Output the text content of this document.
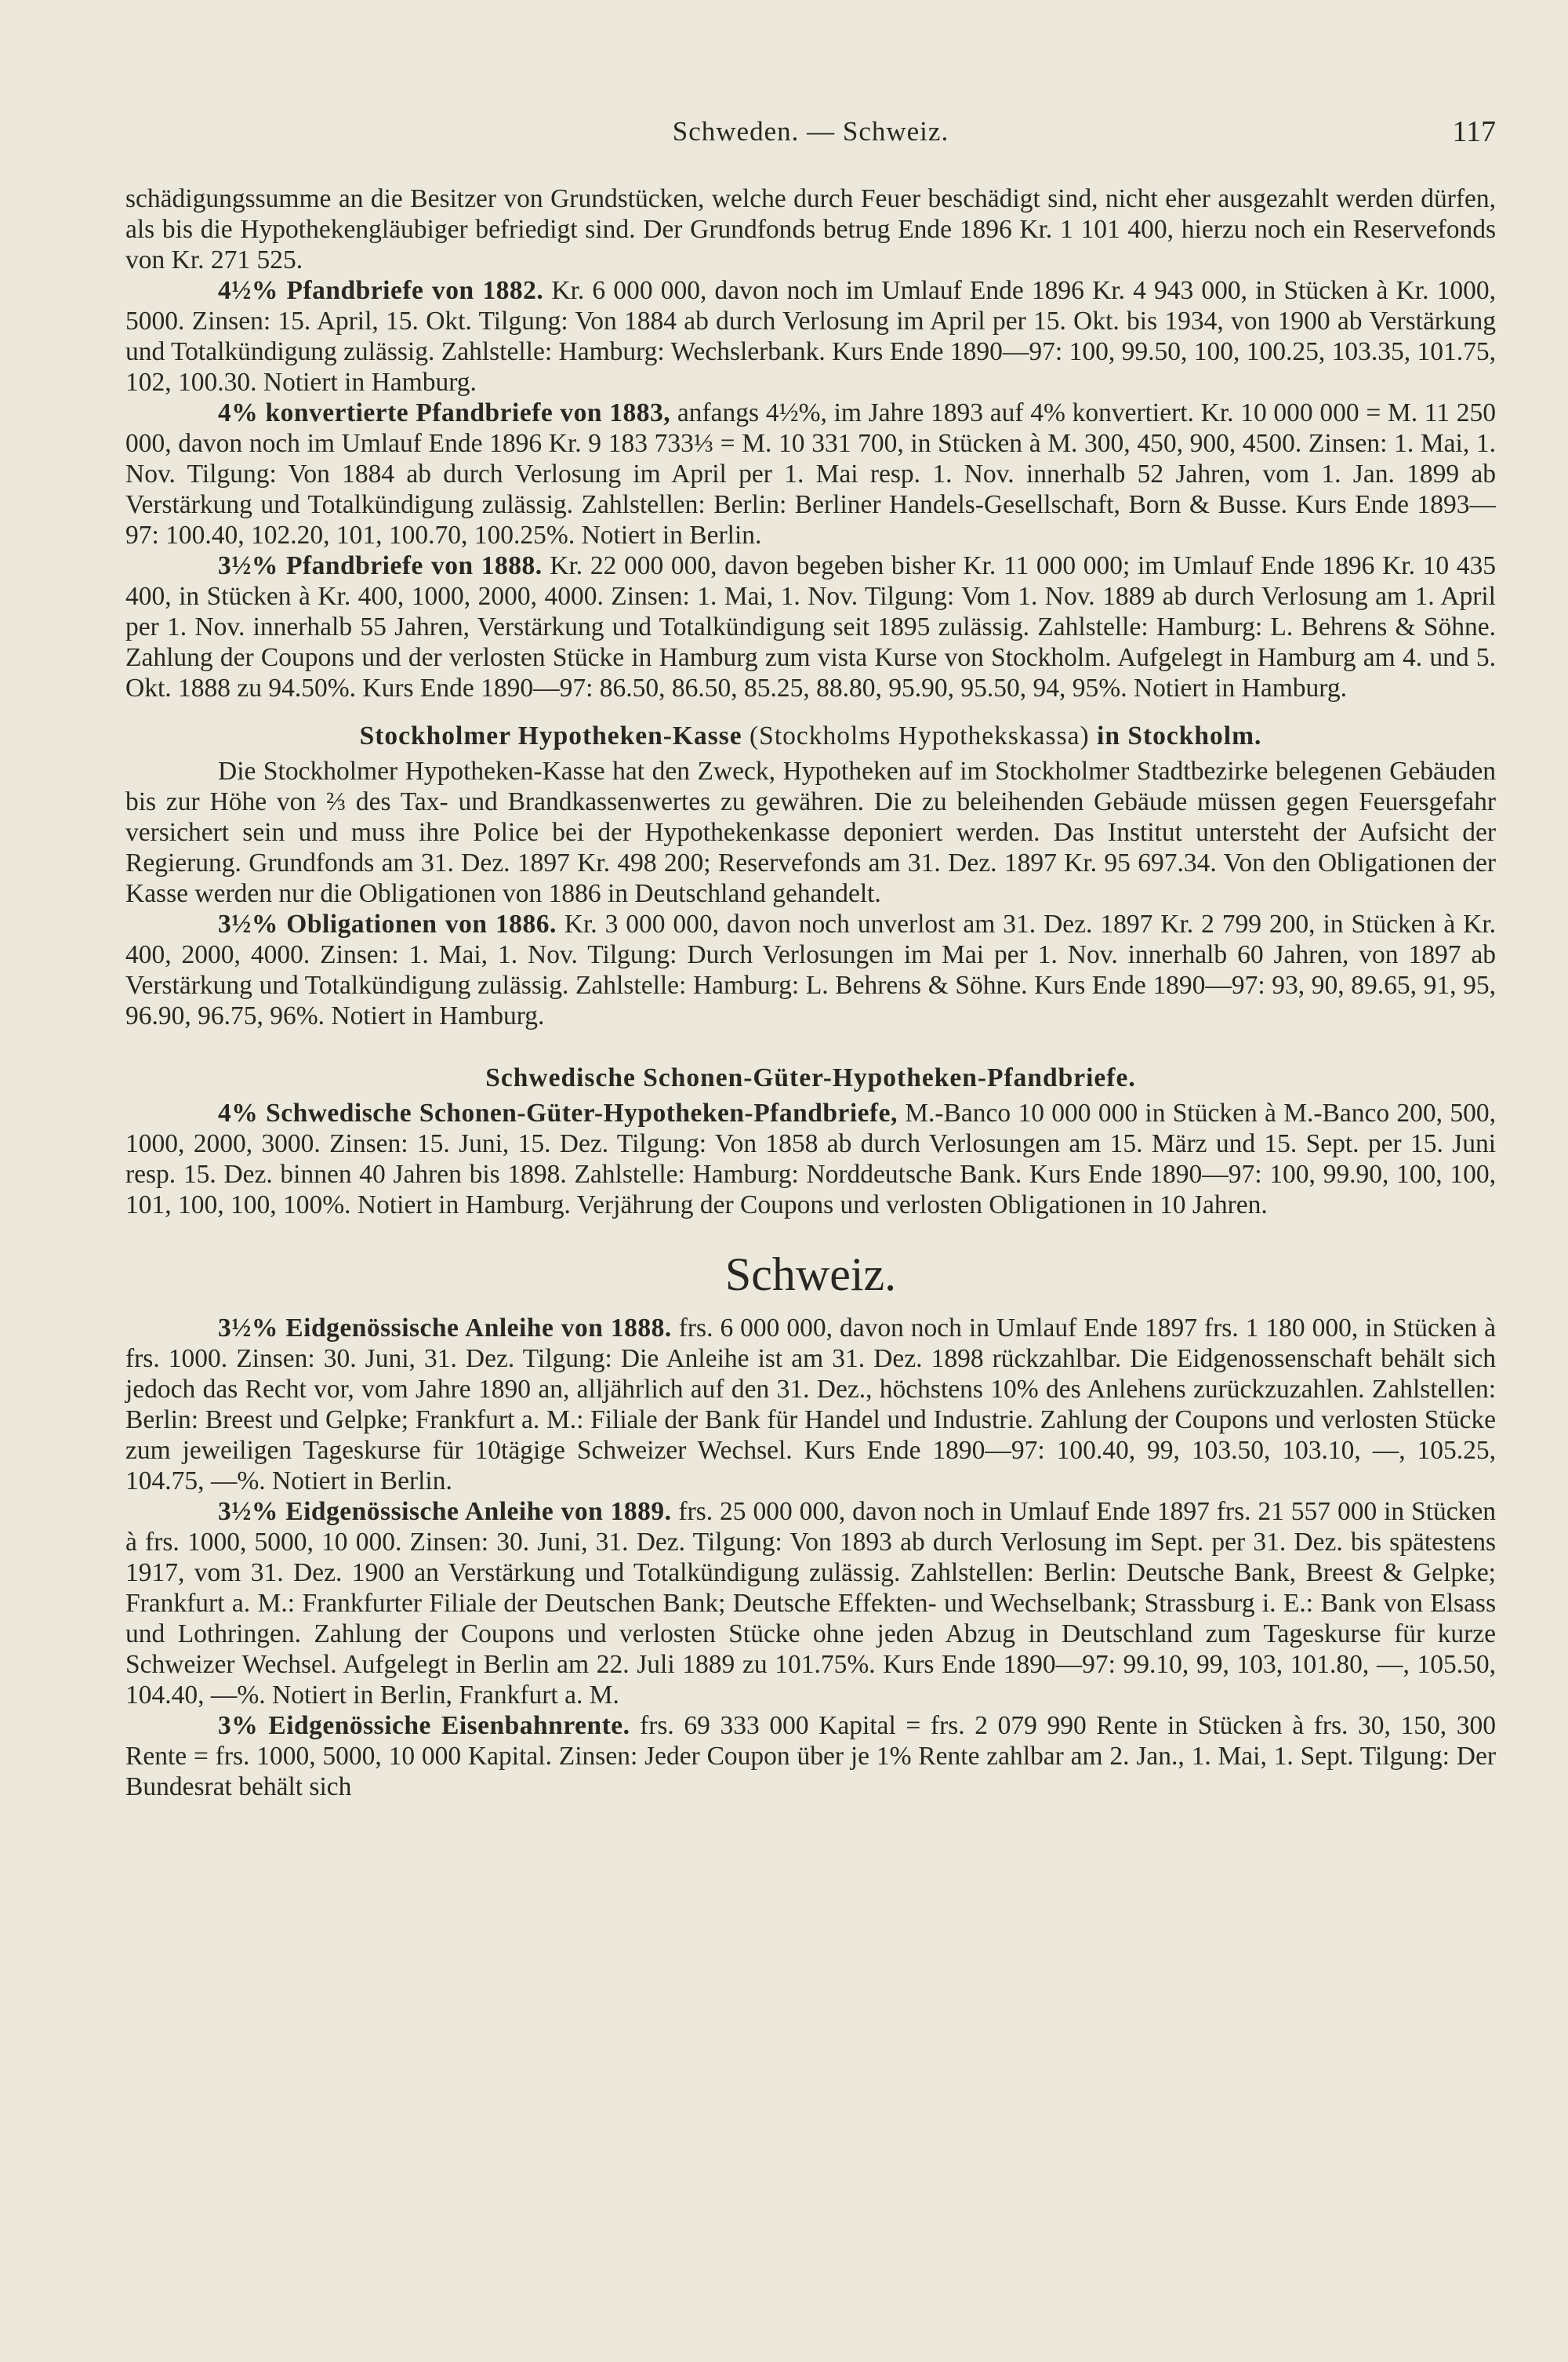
Schweden. — Schweiz.	117

schädigungssumme an die Besitzer von Grundstücken, welche durch Feuer beschädigt sind, nicht eher ausgezahlt werden dürfen, als bis die Hypothekengläubiger befriedigt sind. Der Grundfonds betrug Ende 1896 Kr. 1 101 400, hierzu noch ein Reservefonds von Kr. 271 525.

4½% Pfandbriefe von 1882. Kr. 6 000 000, davon noch im Umlauf Ende 1896 Kr. 4 943 000, in Stücken à Kr. 1000, 5000. Zinsen: 15. April, 15. Okt. Tilgung: Von 1884 ab durch Verlosung im April per 15. Okt. bis 1934, von 1900 ab Verstärkung und Totalkündigung zulässig. Zahlstelle: Hamburg: Wechslerbank. Kurs Ende 1890—97: 100, 99.50, 100, 100.25, 103.35, 101.75, 102, 100.30. Notiert in Hamburg.

4% konvertierte Pfandbriefe von 1883, anfangs 4½%, im Jahre 1893 auf 4% konvertiert. Kr. 10 000 000 = M. 11 250 000, davon noch im Umlauf Ende 1896 Kr. 9 183 733⅓ = M. 10 331 700, in Stücken à M. 300, 450, 900, 4500. Zinsen: 1. Mai, 1. Nov. Tilgung: Von 1884 ab durch Verlosung im April per 1. Mai resp. 1. Nov. innerhalb 52 Jahren, vom 1. Jan. 1899 ab Verstärkung und Totalkündigung zulässig. Zahlstellen: Berlin: Berliner Handels-Gesellschaft, Born & Busse. Kurs Ende 1893—97: 100.40, 102.20, 101, 100.70, 100.25%. Notiert in Berlin.

3½% Pfandbriefe von 1888. Kr. 22 000 000, davon begeben bisher Kr. 11 000 000; im Umlauf Ende 1896 Kr. 10 435 400, in Stücken à Kr. 400, 1000, 2000, 4000. Zinsen: 1. Mai, 1. Nov. Tilgung: Vom 1. Nov. 1889 ab durch Verlosung am 1. April per 1. Nov. innerhalb 55 Jahren, Verstärkung und Totalkündigung seit 1895 zulässig. Zahlstelle: Hamburg: L. Behrens & Söhne. Zahlung der Coupons und der verlosten Stücke in Hamburg zum vista Kurse von Stockholm. Aufgelegt in Hamburg am 4. und 5. Okt. 1888 zu 94.50%. Kurs Ende 1890—97: 86.50, 86.50, 85.25, 88.80, 95.90, 95.50, 94, 95%. Notiert in Hamburg.

Stockholmer Hypotheken-Kasse (Stockholms Hypothekskassa) in Stockholm.

Die Stockholmer Hypotheken-Kasse hat den Zweck, Hypotheken auf im Stockholmer Stadtbezirke belegenen Gebäuden bis zur Höhe von ⅔ des Tax- und Brandkassenwertes zu gewähren. Die zu beleihenden Gebäude müssen gegen Feuersgefahr versichert sein und muss ihre Police bei der Hypothekenkasse deponiert werden. Das Institut untersteht der Aufsicht der Regierung. Grundfonds am 31. Dez. 1897 Kr. 498 200; Reservefonds am 31. Dez. 1897 Kr. 95 697.34. Von den Obligationen der Kasse werden nur die Obligationen von 1886 in Deutschland gehandelt.

3½% Obligationen von 1886. Kr. 3 000 000, davon noch unverlost am 31. Dez. 1897 Kr. 2 799 200, in Stücken à Kr. 400, 2000, 4000. Zinsen: 1. Mai, 1. Nov. Tilgung: Durch Verlosungen im Mai per 1. Nov. innerhalb 60 Jahren, von 1897 ab Verstärkung und Totalkündigung zulässig. Zahlstelle: Hamburg: L. Behrens & Söhne. Kurs Ende 1890—97: 93, 90, 89.65, 91, 95, 96.90, 96.75, 96%. Notiert in Hamburg.

Schwedische Schonen-Güter-Hypotheken-Pfandbriefe.

4% Schwedische Schonen-Güter-Hypotheken-Pfandbriefe, M.-Banco 10 000 000 in Stücken à M.-Banco 200, 500, 1000, 2000, 3000. Zinsen: 15. Juni, 15. Dez. Tilgung: Von 1858 ab durch Verlosungen am 15. März und 15. Sept. per 15. Juni resp. 15. Dez. binnen 40 Jahren bis 1898. Zahlstelle: Hamburg: Norddeutsche Bank. Kurs Ende 1890—97: 100, 99.90, 100, 100, 101, 100, 100, 100%. Notiert in Hamburg. Verjährung der Coupons und verlosten Obligationen in 10 Jahren.

Schweiz.

3½% Eidgenössische Anleihe von 1888. frs. 6 000 000, davon noch in Umlauf Ende 1897 frs. 1 180 000, in Stücken à frs. 1000. Zinsen: 30. Juni, 31. Dez. Tilgung: Die Anleihe ist am 31. Dez. 1898 rückzahlbar. Die Eidgenossenschaft behält sich jedoch das Recht vor, vom Jahre 1890 an, alljährlich auf den 31. Dez., höchstens 10% des Anlehens zurückzuzahlen. Zahlstellen: Berlin: Breest und Gelpke; Frankfurt a. M.: Filiale der Bank für Handel und Industrie. Zahlung der Coupons und verlosten Stücke zum jeweiligen Tageskurse für 10tägige Schweizer Wechsel. Kurs Ende 1890—97: 100.40, 99, 103.50, 103.10, —, 105.25, 104.75, —%. Notiert in Berlin.

3½% Eidgenössische Anleihe von 1889. frs. 25 000 000, davon noch in Umlauf Ende 1897 frs. 21 557 000 in Stücken à frs. 1000, 5000, 10 000. Zinsen: 30. Juni, 31. Dez. Tilgung: Von 1893 ab durch Verlosung im Sept. per 31. Dez. bis spätestens 1917, vom 31. Dez. 1900 an Verstärkung und Totalkündigung zulässig. Zahlstellen: Berlin: Deutsche Bank, Breest & Gelpke; Frankfurt a. M.: Frankfurter Filiale der Deutschen Bank; Deutsche Effekten- und Wechselbank; Strassburg i. E.: Bank von Elsass und Lothringen. Zahlung der Coupons und verlosten Stücke ohne jeden Abzug in Deutschland zum Tageskurse für kurze Schweizer Wechsel. Aufgelegt in Berlin am 22. Juli 1889 zu 101.75%. Kurs Ende 1890—97: 99.10, 99, 103, 101.80, —, 105.50, 104.40, —%. Notiert in Berlin, Frankfurt a. M.

3% Eidgenössiche Eisenbahnrente. frs. 69 333 000 Kapital = frs. 2 079 990 Rente in Stücken à frs. 30, 150, 300 Rente = frs. 1000, 5000, 10 000 Kapital. Zinsen: Jeder Coupon über je 1% Rente zahlbar am 2. Jan., 1. Mai, 1. Sept. Tilgung: Der Bundesrat behält sich
